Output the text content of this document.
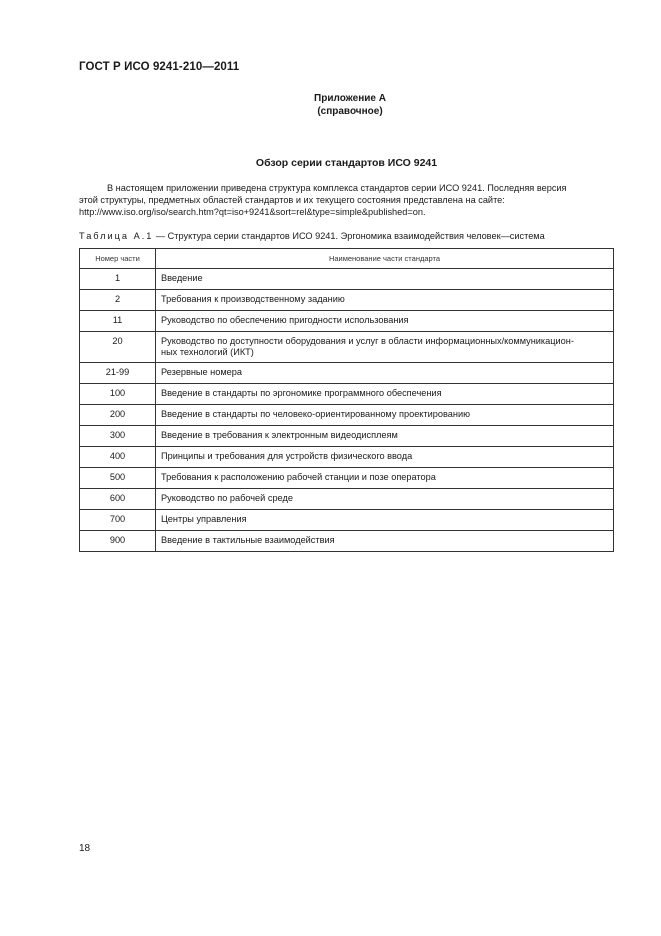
ГОСТ Р ИСО 9241-210—2011
Приложение А
(справочное)
Обзор серии стандартов ИСО 9241
В настоящем приложении приведена структура комплекса стандартов серии ИСО 9241. Последняя версия
этой структуры, предметных областей стандартов и их текущего состояния представлена на сайте:
http://www.iso.org/iso/search.htm?qt=iso+9241&sort=rel&type=simple&published=on.
Таблица А.1 — Структура серии стандартов ИСО 9241. Эргономика взаимодействия человек—система
Номер части	Наименование части стандарта
1	Введение
2	Требования к производственному заданию
11	Руководство по обеспечению пригодности использования
20	Руководство по доступности оборудования и услуг в области информационных/коммуникацион-
ных технологий (ИКТ)

21-99	Резервные номера
100	Введение в стандарты по эргономике программного обеспечения
200	Введение в стандарты по человеко-ориентированному проектированию
300	Введение в требования к электронным видеодисплеям
400	Принципы и требования для устройств физического ввода
500	Требования к расположению рабочей станции и позе оператора
600	Руководство по рабочей среде
700	Центры управления
900	Введение в тактильные взаимодействия
18
